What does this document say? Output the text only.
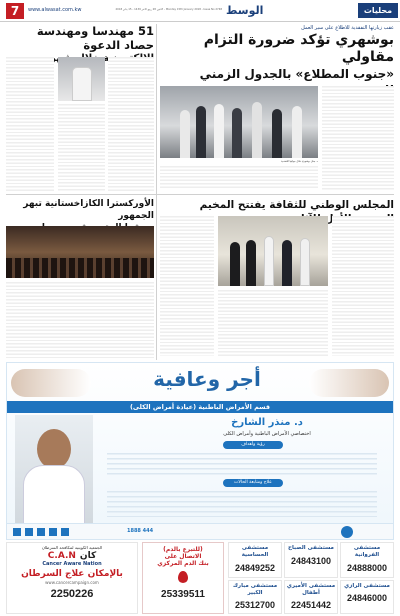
7	www.alwasat.com.kw	Monday 15th January 2018 - Issue No 2748 - الاثنين 28 ربيع الآخر 1439 - 15 يناير 2018 الوسط	محليات
51 مهندسا ومهندسة حصاد الدعوة
عقب زيارتها التفقدية للاطلاع على سير العمل
بوشهري تؤكد ضرورة التزام مقاولي
«جنوب المطلاع» بالجدول الزمني
د. جنان بوشهري خلال جولتها التفقدية
الأوركسترا الكازاخستانية تبهر الجمهور
المجلس الوطني للثقافة يفتتح المخيم
أجر وعافية
قسم الأمراض الباطنية (عيادة أمراض الكلى)
د. منذر الشارخ
اختصاصي الأمراض الباطنية وأمراض الكلى
رؤية وأهداف
علاج ومتابعة الحالات
1888 444
مستشفى الفروانية
24888000
مستشفى الصباح
24843100
مستشفى الحساسية
24849252
مستشفى الرازي
24846000
مستشفى الأميري أطفال
22451442
مستشفى مبارك الكبير
25312700
(للتبرع بالدم)
الاتصال على
بنك الدم المركزي
25339511
الجمعية الكويتية لمكافحة السرطان
C.A.N كان
Cancer Aware Nation
بالإمكان علاج السرطان
www.cancercampaign.com
2250226
